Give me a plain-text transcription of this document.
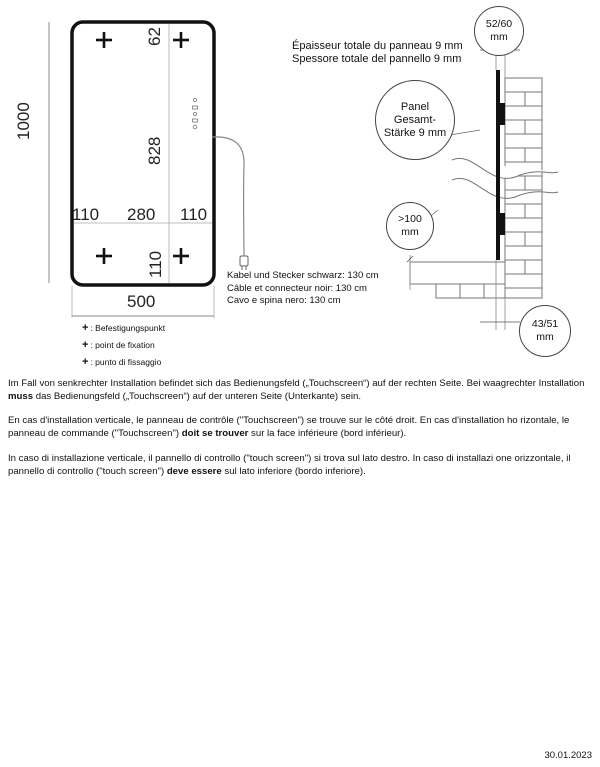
1000
62
828
110
110 280 110
500
Kabel und Stecker schwarz: 130 cm
Câble et connecteur noir: 130 cm
Cavo e spina nero: 130 cm
+ : Befestigungspunkt
+ : point de fixation
+ : punto di fissaggio
Épaisseur totale du panneau 9 mm
Spessore totale del pannello 9 mm
52/60
mm
Panel
Gesamt-
Stärke 9 mm
>100
mm
43/51
mm
Im Fall von senkrechter Installation befindet sich das Bedienungsfeld („Touchscreen“) auf der rechten Seite. Bei waagrechter Installation muss das Bedienungsfeld („Touchscreen“) auf der unteren Seite (Unterkante) sein.
En cas d'installation verticale, le panneau de contrôle ("Touchscreen") se trouve sur le côté droit. En cas d'installation ho rizontale, le panneau de commande ("Touchscreen") doit se trouver sur la face inférieure (bord inférieur).
In caso di installazione verticale, il pannello di controllo ("touch screen") si trova sul lato destro. In caso di installazi one orizzontale, il pannello di controllo ("touch screen") deve essere sul lato inferiore (bordo inferiore).
30.01.2023
